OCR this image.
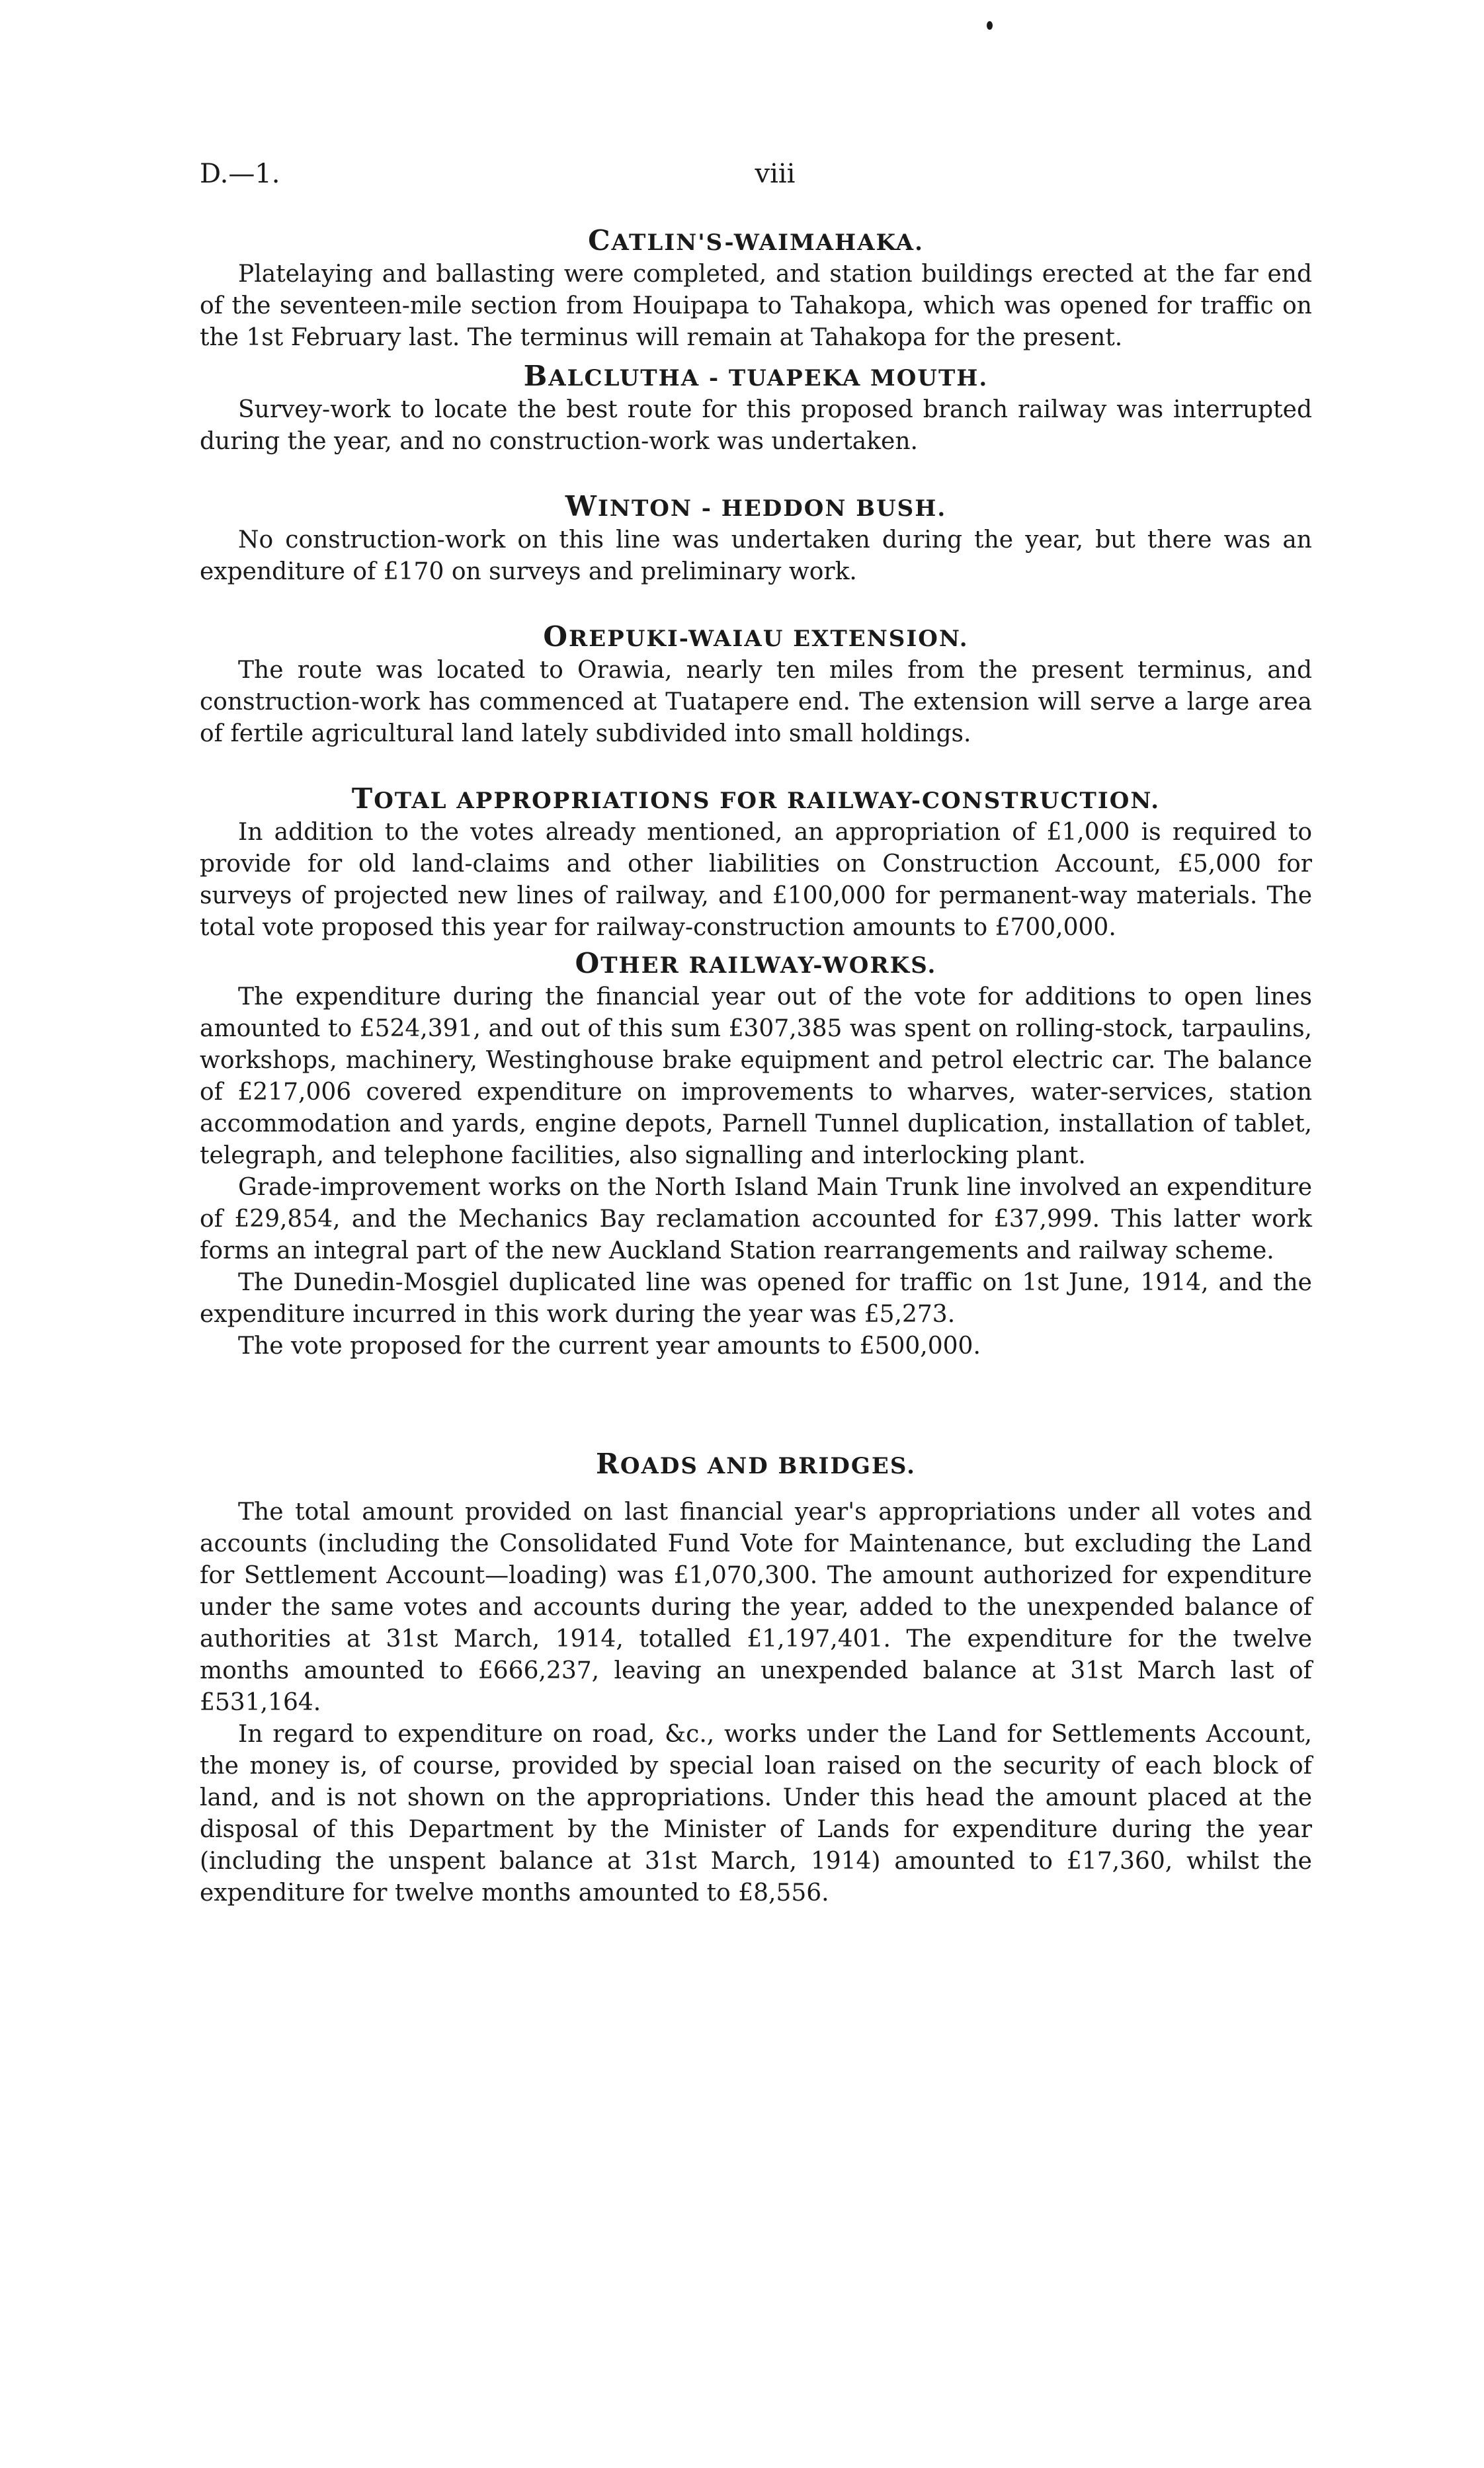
D.—1.	viii
CATLIN'S-WAIMAHAKA.

Platelaying and ballasting were completed, and station buildings erected at the far end of the seventeen-mile section from Houipapa to Tahakopa, which was opened for traffic on the 1st February last. The terminus will remain at Tahakopa for the present.

BALCLUTHA - TUAPEKA MOUTH.

Survey-work to locate the best route for this proposed branch railway was interrupted during the year, and no construction-work was undertaken.

WINTON - HEDDON BUSH.

No construction-work on this line was undertaken during the year, but there was an expenditure of £170 on surveys and preliminary work.

OREPUKI-WAIAU EXTENSION.

The route was located to Orawia, nearly ten miles from the present terminus, and construction-work has commenced at Tuatapere end. The extension will serve a large area of fertile agricultural land lately subdivided into small holdings.

TOTAL APPROPRIATIONS FOR RAILWAY-CONSTRUCTION.

In addition to the votes already mentioned, an appropriation of £1,000 is required to provide for old land-claims and other liabilities on Construction Account, £5,000 for surveys of projected new lines of railway, and £100,000 for permanent-way materials. The total vote proposed this year for railway-construction amounts to £700,000.

OTHER RAILWAY-WORKS.

The expenditure during the financial year out of the vote for additions to open lines amounted to £524,391, and out of this sum £307,385 was spent on rolling-stock, tarpaulins, workshops, machinery, Westinghouse brake equipment and petrol electric car. The balance of £217,006 covered expenditure on improvements to wharves, water-services, station accommodation and yards, engine depots, Parnell Tunnel duplication, installation of tablet, telegraph, and telephone facilities, also signalling and interlocking plant.

Grade-improvement works on the North Island Main Trunk line involved an expenditure of £29,854, and the Mechanics Bay reclamation accounted for £37,999. This latter work forms an integral part of the new Auckland Station rearrangements and railway scheme.

The Dunedin-Mosgiel duplicated line was opened for traffic on 1st June, 1914, and the expenditure incurred in this work during the year was £5,273.

The vote proposed for the current year amounts to £500,000.

ROADS AND BRIDGES.

The total amount provided on last financial year's appropriations under all votes and accounts (including the Consolidated Fund Vote for Maintenance, but excluding the Land for Settlement Account—loading) was £1,070,300. The amount authorized for expenditure under the same votes and accounts during the year, added to the unexpended balance of authorities at 31st March, 1914, totalled £1,197,401. The expenditure for the twelve months amounted to £666,237, leaving an unexpended balance at 31st March last of £531,164.

In regard to expenditure on road, &c., works under the Land for Settlements Account, the money is, of course, provided by special loan raised on the security of each block of land, and is not shown on the appropriations. Under this head the amount placed at the disposal of this Department by the Minister of Lands for expenditure during the year (including the unspent balance at 31st March, 1914) amounted to £17,360, whilst the expenditure for twelve months amounted to £8,556.
